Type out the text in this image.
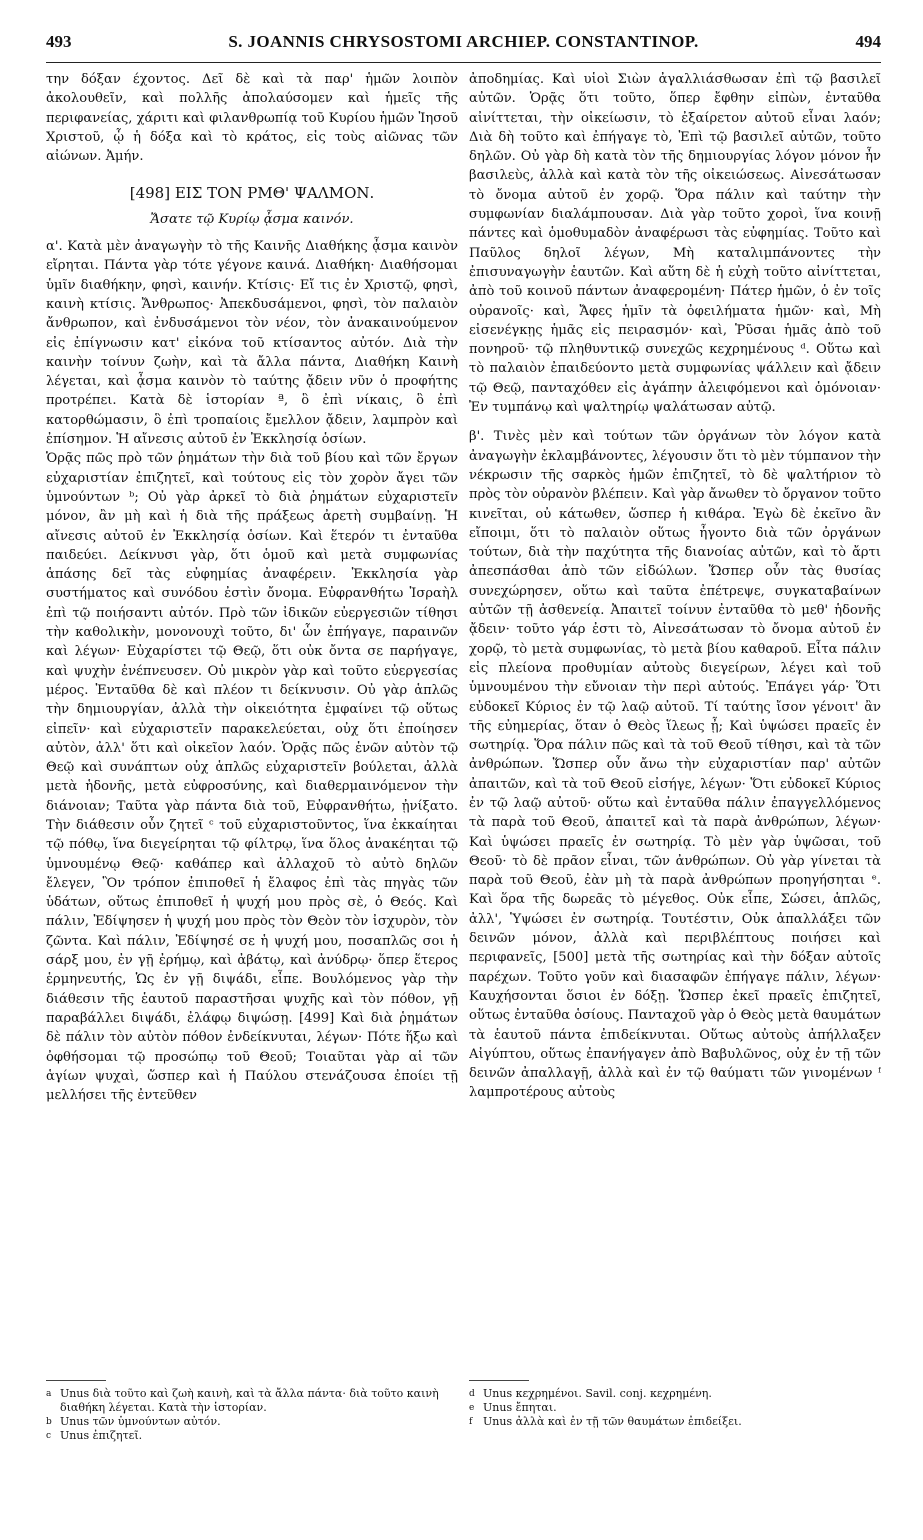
493	S. JOANNIS CHRYSOSTOMI ARCHIEP. CONSTANTINOP.	494

την δόξαν έχοντος. Δεῖ δὲ καὶ τὰ παρ' ἡμῶν λοιπὸν ἀκολουθεῖν, καὶ πολλῆς ἀπολαύσομεν καὶ ἡμεῖς τῆς περιφανείας, χάριτι καὶ φιλανθρωπίᾳ τοῦ Κυρίου ἡμῶν Ἰησοῦ Χριστοῦ, ᾧ ἡ δόξα καὶ τὸ κράτος, εἰς τοὺς αἰῶνας τῶν αἰώνων. Ἀμήν.

[498] ΕΙΣ ΤΟΝ ΡΜΘ' ΨΑΛΜΟΝ.
Ἄσατε τῷ Κυρίῳ ᾆσμα καινόν.

α'. Κατὰ μὲν ἀναγωγὴν τὸ τῆς Καινῆς Διαθήκης ᾆσμα καινὸν εἴρηται. Πάντα γὰρ τότε γέγονε καινά. Διαθήκη· Διαθήσομαι ὑμῖν διαθήκην, φησὶ, καινήν. Κτίσις· Εἴ τις ἐν Χριστῷ, φησὶ, καινὴ κτίσις. Ἄνθρωπος· Ἀπεκδυσάμενοι, φησὶ, τὸν παλαιὸν ἄνθρωπον, καὶ ἐνδυσάμενοι τὸν νέον, τὸν ἀνακαινούμενον εἰς ἐπίγνωσιν κατ' εἰκόνα τοῦ κτίσαντος αὐτόν. Διὰ τὴν καινὴν τοίνυν ζωὴν, καὶ τὰ ἄλλα πάντα, Διαθήκη Καινὴ λέγεται, καὶ ᾆσμα καινὸν τὸ ταύτης ᾄδειν νῦν ὁ προφήτης προτρέπει. Κατὰ δὲ ἱστορίαν ª, ὃ ἐπὶ νίκαις, ὃ ἐπὶ κατορθώμασιν, ὃ ἐπὶ τροπαίοις ἔμελλον ᾄδειν, λαμπρὸν καὶ ἐπίσημον. Ἡ αἴνεσις αὐτοῦ ἐν Ἐκκλησίᾳ ὁσίων.

Ὁρᾷς πῶς πρὸ τῶν ῥημάτων τὴν διὰ τοῦ βίου καὶ τῶν ἔργων εὐχαριστίαν ἐπιζητεῖ, καὶ τούτους εἰς τὸν χορὸν ἄγει τῶν ὑμνούντων ᵇ; Οὐ γὰρ ἀρκεῖ τὸ διὰ ῥημάτων εὐχαριστεῖν μόνον, ἂν μὴ καὶ ἡ διὰ τῆς πράξεως ἀρετὴ συμβαίνῃ. Ἡ αἴνεσις αὐτοῦ ἐν Ἐκκλησίᾳ ὁσίων. Καὶ ἕτερόν τι ἐνταῦθα παιδεύει. Δείκνυσι γὰρ, ὅτι ὁμοῦ καὶ μετὰ συμφωνίας ἁπάσης δεῖ τὰς εὐφημίας ἀναφέρειν. Ἐκκλησία γὰρ συστήματος καὶ συνόδου ἐστὶν ὄνομα. Εὐφρανθήτω Ἰσραὴλ ἐπὶ τῷ ποιήσαντι αὐτόν. Πρὸ τῶν ἰδικῶν εὐεργεσιῶν τίθησι τὴν καθολικὴν, μονονουχὶ τοῦτο, δι' ὧν ἐπήγαγε, παραινῶν καὶ λέγων· Εὐχαρίστει τῷ Θεῷ, ὅτι οὐκ ὄντα σε παρήγαγε, καὶ ψυχὴν ἐνέπνευσεν. Οὐ μικρὸν γὰρ καὶ τοῦτο εὐεργεσίας μέρος. Ἐνταῦθα δὲ καὶ πλέον τι δείκνυσιν. Οὐ γὰρ ἁπλῶς τὴν δημιουργίαν, ἀλλὰ τὴν οἰκειότητα ἐμφαίνει τῷ οὕτως εἰπεῖν· καὶ εὐχαριστεῖν παρακελεύεται, οὐχ ὅτι ἐποίησεν αὐτὸν, ἀλλ' ὅτι καὶ οἰκεῖον λαόν. Ὁρᾷς πῶς ἑνῶν αὐτὸν τῷ Θεῷ καὶ συνάπτων οὐχ ἁπλῶς εὐχαριστεῖν βούλεται, ἀλλὰ μετὰ ἡδονῆς, μετὰ εὐφροσύνης, καὶ διαθερμαινόμενον τὴν διάνοιαν; Ταῦτα γὰρ πάντα διὰ τοῦ, Εὐφρανθήτω, ᾐνίξατο. Τὴν διάθεσιν οὖν ζητεῖ ᶜ τοῦ εὐχαριστοῦντος, ἵνα ἐκκαίηται τῷ πόθῳ, ἵνα διεγείρηται τῷ φίλτρῳ, ἵνα ὅλος ἀνακέηται τῷ ὑμνουμένῳ Θεῷ· καθάπερ καὶ ἀλλαχοῦ τὸ αὐτὸ δηλῶν ἔλεγεν, Ὃν τρόπον ἐπιποθεῖ ἡ ἔλαφος ἐπὶ τὰς πηγὰς τῶν ὑδάτων, οὕτως ἐπιποθεῖ ἡ ψυχή μου πρὸς σὲ, ὁ Θεός. Καὶ πάλιν, Ἐδίψησεν ἡ ψυχή μου πρὸς τὸν Θεὸν τὸν ἰσχυρὸν, τὸν ζῶντα. Καὶ πάλιν, Ἐδίψησέ σε ἡ ψυχή μου, ποσαπλῶς σοι ἡ σάρξ μου, ἐν γῇ ἐρήμῳ, καὶ ἀβάτῳ, καὶ ἀνύδρῳ· ὅπερ ἕτερος ἑρμηνευτής, Ὡς ἐν γῇ διψάδι, εἶπε. Βουλόμενος γὰρ τὴν διάθεσιν τῆς ἑαυτοῦ παραστῆσαι ψυχῆς καὶ τὸν πόθον, γῇ παραβάλλει διψάδι, ἐλάφῳ διψώσῃ. [499] Καὶ διὰ ῥημάτων δὲ πάλιν τὸν αὐτὸν πόθον ἐνδείκνυται, λέγων· Πότε ἥξω καὶ ὀφθήσομαι τῷ προσώπῳ τοῦ Θεοῦ; Τοιαῦται γὰρ αἱ τῶν ἁγίων ψυχαὶ, ὥσπερ καὶ ἡ Παύλου στενάζουσα ἐποίει τῇ μελλήσει τῆς ἐντεῦθεν

ἀποδημίας. Καὶ υἱοὶ Σιὼν ἀγαλλιάσθωσαν ἐπὶ τῷ βασιλεῖ αὐτῶν. Ὁρᾷς ὅτι τοῦτο, ὅπερ ἔφθην εἰπὼν, ἐνταῦθα αἰνίττεται, τὴν οἰκείωσιν, τὸ ἐξαίρετον αὐτοῦ εἶναι λαόν; Διὰ δὴ τοῦτο καὶ ἐπήγαγε τὸ, Ἐπὶ τῷ βασιλεῖ αὐτῶν, τοῦτο δηλῶν. Οὐ γὰρ δὴ κατὰ τὸν τῆς δημιουργίας λόγον μόνον ἦν βασιλεὺς, ἀλλὰ καὶ κατὰ τὸν τῆς οἰκειώσεως. Αἰνεσάτωσαν τὸ ὄνομα αὐτοῦ ἐν χορῷ. Ὅρα πάλιν καὶ ταύτην τὴν συμφωνίαν διαλάμπουσαν. Διὰ γὰρ τοῦτο χοροὶ, ἵνα κοινῇ πάντες καὶ ὁμοθυμαδὸν ἀναφέρωσι τὰς εὐφημίας. Τοῦτο καὶ Παῦλος δηλοῖ λέγων, Μὴ καταλιμπάνοντες τὴν ἐπισυναγωγὴν ἑαυτῶν. Καὶ αὕτη δὲ ἡ εὐχὴ τοῦτο αἰνίττεται, ἀπὸ τοῦ κοινοῦ πάντων ἀναφερομένη· Πάτερ ἡμῶν, ὁ ἐν τοῖς οὐρανοῖς· καὶ, Ἄφες ἡμῖν τὰ ὀφειλήματα ἡμῶν· καὶ, Μὴ εἰσενέγκῃς ἡμᾶς εἰς πειρασμόν· καὶ, Ῥῦσαι ἡμᾶς ἀπὸ τοῦ πονηροῦ· τῷ πληθυντικῷ συνεχῶς κεχρημένους ᵈ. Οὕτω καὶ τὸ παλαιὸν ἐπαιδεύοντο μετὰ συμφωνίας ψάλλειν καὶ ᾄδειν τῷ Θεῷ, πανταχόθεν εἰς ἀγάπην ἀλειφόμενοι καὶ ὁμόνοιαν· Ἐν τυμπάνῳ καὶ ψαλτηρίῳ ψαλάτωσαν αὐτῷ.

β'. Τινὲς μὲν καὶ τούτων τῶν ὀργάνων τὸν λόγον κατὰ ἀναγωγὴν ἐκλαμβάνοντες, λέγουσιν ὅτι τὸ μὲν τύμπανον τὴν νέκρωσιν τῆς σαρκὸς ἡμῶν ἐπιζητεῖ, τὸ δὲ ψαλτήριον τὸ πρὸς τὸν οὐρανὸν βλέπειν. Καὶ γὰρ ἄνωθεν τὸ ὄργανον τοῦτο κινεῖται, οὐ κάτωθεν, ὥσπερ ἡ κιθάρα. Ἐγὼ δὲ ἐκεῖνο ἂν εἴποιμι, ὅτι τὸ παλαιὸν οὕτως ἦγοντο διὰ τῶν ὀργάνων τούτων, διὰ τὴν παχύτητα τῆς διανοίας αὐτῶν, καὶ τὸ ἄρτι ἀπεσπάσθαι ἀπὸ τῶν εἰδώλων. Ὥσπερ οὖν τὰς θυσίας συνεχώρησεν, οὕτω καὶ ταῦτα ἐπέτρεψε, συγκαταβαίνων αὐτῶν τῇ ἀσθενείᾳ. Ἀπαιτεῖ τοίνυν ἐνταῦθα τὸ μεθ' ἡδονῆς ᾄδειν· τοῦτο γάρ ἐστι τὸ, Αἰνεσάτωσαν τὸ ὄνομα αὐτοῦ ἐν χορῷ, τὸ μετὰ συμφωνίας, τὸ μετὰ βίου καθαροῦ. Εἶτα πάλιν εἰς πλείονα προθυμίαν αὐτοὺς διεγείρων, λέγει καὶ τοῦ ὑμνουμένου τὴν εὔνοιαν τὴν περὶ αὐτούς. Ἐπάγει γάρ· Ὅτι εὐδοκεῖ Κύριος ἐν τῷ λαῷ αὐτοῦ. Τί ταύτης ἴσον γένοιτ' ἂν τῆς εὐημερίας, ὅταν ὁ Θεὸς ἵλεως ᾖ; Καὶ ὑψώσει πραεῖς ἐν σωτηρίᾳ. Ὅρα πάλιν πῶς καὶ τὰ τοῦ Θεοῦ τίθησι, καὶ τὰ τῶν ἀνθρώπων. Ὥσπερ οὖν ἄνω τὴν εὐχαριστίαν παρ' αὐτῶν ἀπαιτῶν, καὶ τὰ τοῦ Θεοῦ εἰσήγε, λέγων· Ὅτι εὐδοκεῖ Κύριος ἐν τῷ λαῷ αὐτοῦ· οὕτω καὶ ἐνταῦθα πάλιν ἐπαγγελλόμενος τὰ παρὰ τοῦ Θεοῦ, ἀπαιτεῖ καὶ τὰ παρὰ ἀνθρώπων, λέγων· Καὶ ὑψώσει πραεῖς ἐν σωτηρίᾳ. Τὸ μὲν γὰρ ὑψῶσαι, τοῦ Θεοῦ· τὸ δὲ πρᾶον εἶναι, τῶν ἀνθρώπων. Οὐ γὰρ γίνεται τὰ παρὰ τοῦ Θεοῦ, ἐὰν μὴ τὰ παρὰ ἀνθρώπων προηγήσηται ᵉ. Καὶ ὅρα τῆς δωρεᾶς τὸ μέγεθος. Οὐκ εἶπε, Σώσει, ἁπλῶς, ἀλλ', Ὑψώσει ἐν σωτηρίᾳ. Τουτέστιν, Οὐκ ἀπαλλάξει τῶν δεινῶν μόνον, ἀλλὰ καὶ περιβλέπτους ποιήσει καὶ περιφανεῖς, [500] μετὰ τῆς σωτηρίας καὶ τὴν δόξαν αὐτοῖς παρέχων. Τοῦτο γοῦν καὶ διασαφῶν ἐπήγαγε πάλιν, λέγων· Καυχήσονται ὅσιοι ἐν δόξῃ. Ὥσπερ ἐκεῖ πραεῖς ἐπιζητεῖ, οὕτως ἐνταῦθα ὁσίους. Πανταχοῦ γὰρ ὁ Θεὸς μετὰ θαυμάτων τὰ ἑαυτοῦ πάντα ἐπιδείκνυται. Οὕτως αὐτοὺς ἀπήλλαξεν Αἰγύπτου, οὕτως ἐπανήγαγεν ἀπὸ Βαβυλῶνος, οὐχ ἐν τῇ τῶν δεινῶν ἀπαλλαγῇ, ἀλλὰ καὶ ἐν τῷ θαύματι τῶν γινομένων ᶠ λαμπροτέρους αὐτοὺς

a Unus διὰ τοῦτο καὶ ζωὴ καινὴ, καὶ τὰ ἄλλα πάντα· διὰ τοῦτο καινὴ διαθήκη λέγεται. Κατὰ τὴν ἱστορίαν.
b Unus τῶν ὑμνούντων αὐτόν.
c Unus ἐπιζητεῖ.
d Unus κεχρημένοι. Savil. conj. κεχρημένη.
e Unus ἔπηται.
f Unus ἀλλὰ καὶ ἐν τῇ τῶν θαυμάτων ἐπιδείξει.
